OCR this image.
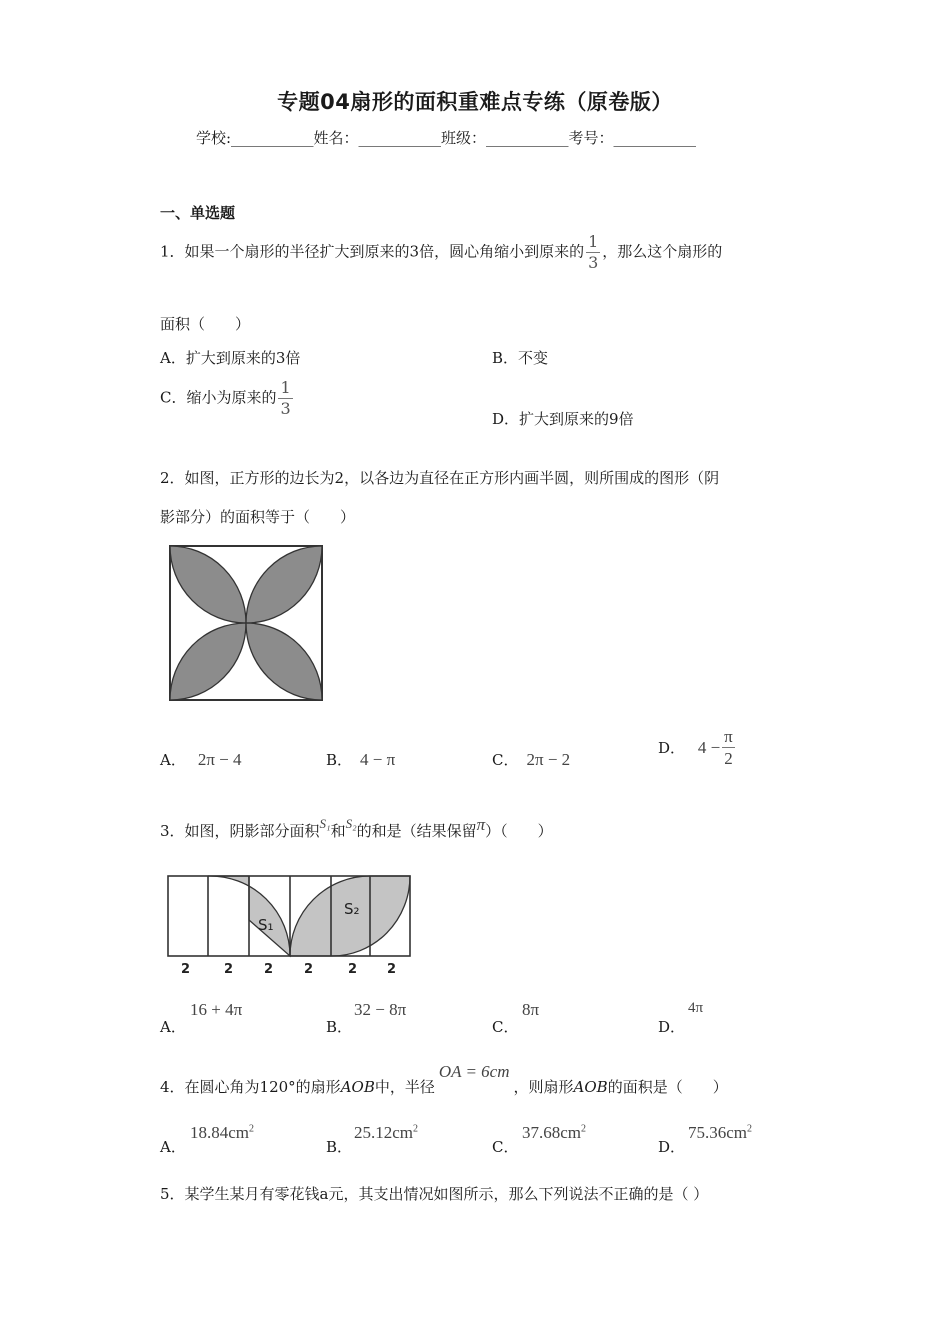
专题04扇形的面积重难点专练（原卷版）
学校:___________姓名：___________班级：___________考号：___________
一、单选题
1．如果一个扇形的半径扩大到原来的3倍，圆心角缩小到原来的 $\frac{1}{3}$ ，那么这个扇形的
面积（　　）
A．扩大到原来的3倍	B．不变
C．缩小为原来的 $\frac{1}{3}$
D．扩大到原来的9倍
2．如图，正方形的边长为2，以各边为直径在正方形内画半圆，则所围成的图形（阴
影部分）的面积等于（　　）
A． 2π − 4	B． 4 − π	C． 2π − 2
D． $4 - \frac{\pi}{2}$
3．如图，阴影部分面积S₁和S₂的和是（结果保留π）（　　）
S₁
S₂
2	2 2 2	2 2
A．
16 + 4π
B．
32 − 8π
C．
8π
D．
4π
4．在圆心角为120°的扇形AOB中，半径OA = 6cm，则扇形AOB的面积是（　　）
A．
$18.84cm^2$
B．
$25.12cm^2$
C．
$37.68cm^2$
D．
$75.36cm^2$
5．某学生某月有零花钱a元，其支出情况如图所示，那么下列说法不正确的是（ ）
